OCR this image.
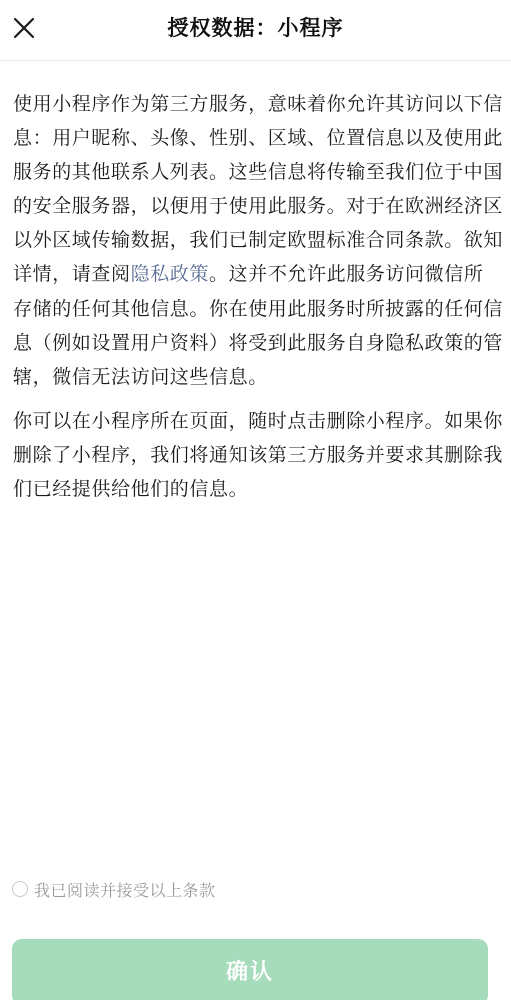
授权数据：小程序

使用小程序作为第三方服务，意味着你允许其访问以下信息：用户昵称、头像、性别、区域、位置信息以及使用此服务的其他联系人列表。这些信息将传输至我们位于中国的安全服务器，以便用于使用此服务。对于在欧洲经济区以外区域传输数据，我们已制定欧盟标准合同条款。欲知详情，请查阅隐私政策。这并不允许此服务访问微信所存储的任何其他信息。你在使用此服务时所披露的任何信息（例如设置用户资料）将受到此服务自身隐私政策的管辖，微信无法访问这些信息。

你可以在小程序所在页面，随时点击删除小程序。如果你删除了小程序，我们将通知该第三方服务并要求其删除我们已经提供给他们的信息。

我已阅读并接受以上条款
确认
